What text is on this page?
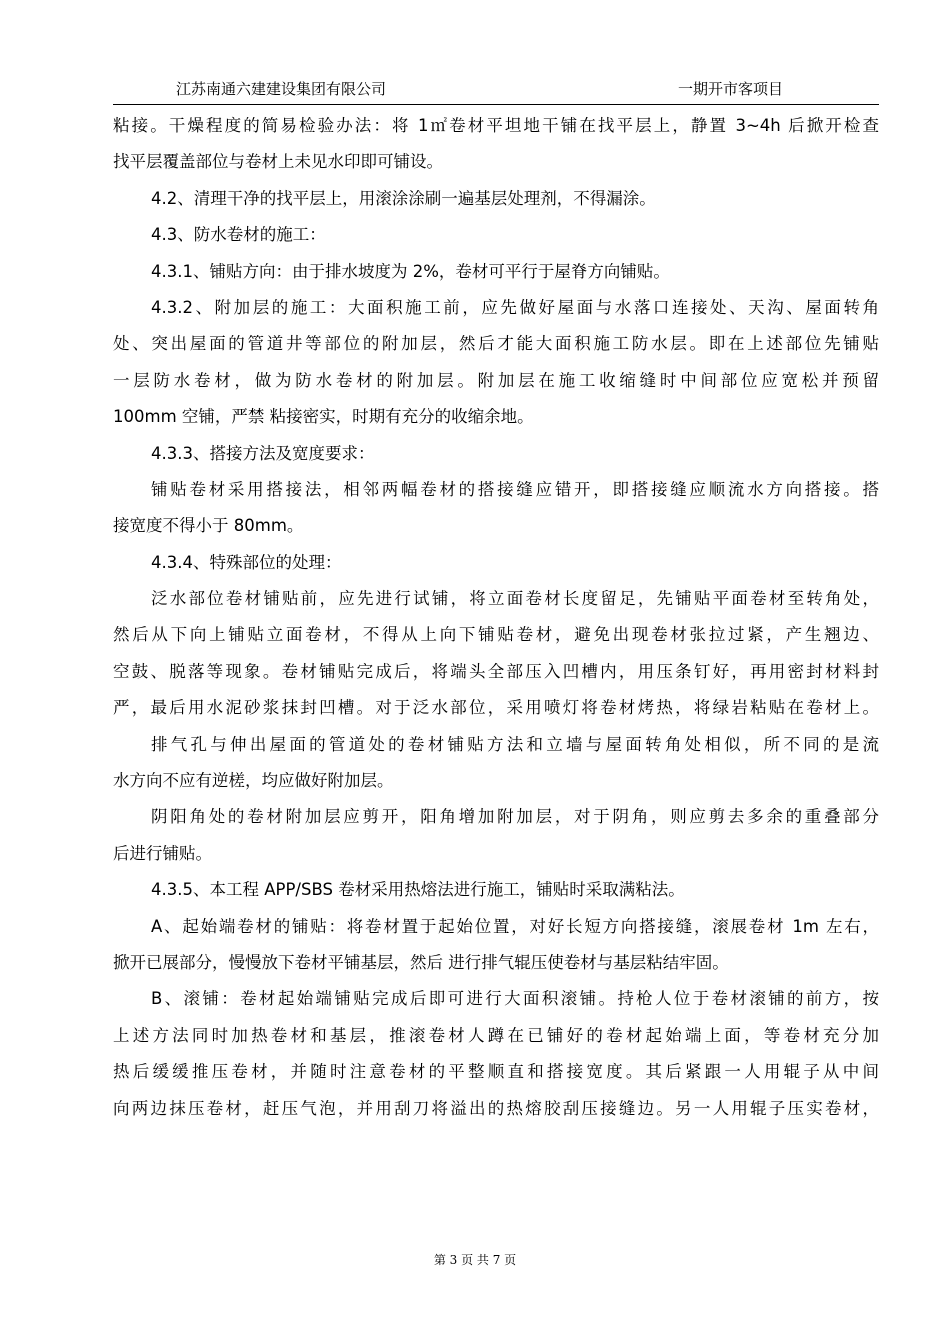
江苏南通六建建设集团有限公司	一期开市客项目
粘接。干燥程度的简易检验办法：将 1㎡卷材平坦地干铺在找平层上，静置 3~4h 后掀开检查
找平层覆盖部位与卷材上未见水印即可铺设。
4.2、清理干净的找平层上，用滚涂涂刷一遍基层处理剂，不得漏涂。
4.3、防水卷材的施工：
4.3.1、铺贴方向：由于排水坡度为 2%，卷材可平行于屋脊方向铺贴。
4.3.2、附加层的施工：大面积施工前，应先做好屋面与水落口连接处、天沟、屋面转角
处、突出屋面的管道井等部位的附加层，然后才能大面积施工防水层。即在上述部位先铺贴
一层防水卷材，做为防水卷材的附加层。附加层在施工收缩缝时中间部位应宽松并预留
100mm 空铺，严禁 粘接密实，时期有充分的收缩余地。
4.3.3、搭接方法及宽度要求：
铺贴卷材采用搭接法，相邻两幅卷材的搭接缝应错开，即搭接缝应顺流水方向搭接。搭
接宽度不得小于 80mm。
4.3.4、特殊部位的处理：
泛水部位卷材铺贴前，应先进行试铺，将立面卷材长度留足，先铺贴平面卷材至转角处，
然后从下向上铺贴立面卷材，不得从上向下铺贴卷材，避免出现卷材张拉过紧，产生翘边、
空鼓、脱落等现象。卷材铺贴完成后，将端头全部压入凹槽内，用压条钉好，再用密封材料封
严，最后用水泥砂浆抹封凹槽。对于泛水部位，采用喷灯将卷材烤热，将绿岩粘贴在卷材上。
排气孔与伸出屋面的管道处的卷材铺贴方法和立墙与屋面转角处相似，所不同的是流
水方向不应有逆槎，均应做好附加层。
阴阳角处的卷材附加层应剪开，阳角增加附加层，对于阴角，则应剪去多余的重叠部分
后进行铺贴。
4.3.5、本工程 APP/SBS 卷材采用热熔法进行施工，铺贴时采取满粘法。
A、起始端卷材的铺贴：将卷材置于起始位置，对好长短方向搭接缝，滚展卷材 1m 左右，
掀开已展部分，慢慢放下卷材平铺基层，然后 进行排气辊压使卷材与基层粘结牢固。
B、滚铺：卷材起始端铺贴完成后即可进行大面积滚铺。持枪人位于卷材滚铺的前方，按
上述方法同时加热卷材和基层，推滚卷材人蹲在已铺好的卷材起始端上面，等卷材充分加
热后缓缓推压卷材，并随时注意卷材的平整顺直和搭接宽度。其后紧跟一人用辊子从中间
向两边抹压卷材，赶压气泡，并用刮刀将溢出的热熔胶刮压接缝边。另一人用辊子压实卷材，
第 3 页 共 7 页
